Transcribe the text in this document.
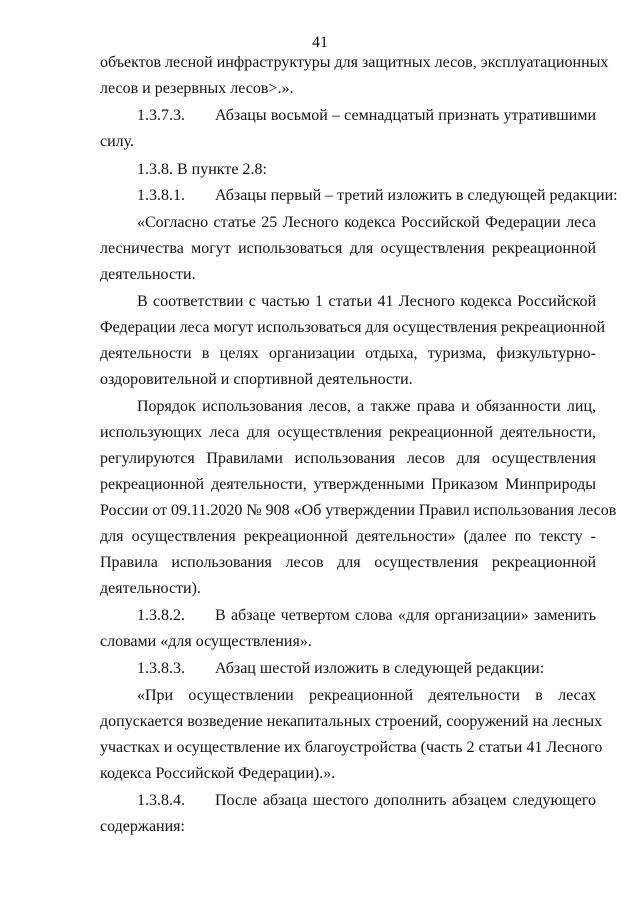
41
объектов лесной инфраструктуры для защитных лесов, эксплуатационных
лесов и резервных лесов>.».
1.3.7.3. Абзацы восьмой – семнадцатый признать утратившими
силу.
1.3.8. В пункте 2.8:
1.3.8.1. Абзацы первый – третий изложить в следующей редакции:
«Согласно статье 25 Лесного кодекса Российской Федерации леса
лесничества могут использоваться для осуществления рекреационной
деятельности.
В соответствии с частью 1 статьи 41 Лесного кодекса Российской
Федерации леса могут использоваться для осуществления рекреационной
деятельности в целях организации отдыха, туризма, физкультурно-
оздоровительной и спортивной деятельности.
Порядок использования лесов, а также права и обязанности лиц,
использующих леса для осуществления рекреационной деятельности,
регулируются Правилами использования лесов для осуществления
рекреационной деятельности, утвержденными Приказом Минприроды
России от 09.11.2020 № 908 «Об утверждении Правил использования лесов
для осуществления рекреационной деятельности» (далее по тексту -
Правила использования лесов для осуществления рекреационной
деятельности).
1.3.8.2. В абзаце четвертом слова «для организации» заменить
словами «для осуществления».
1.3.8.3. Абзац шестой изложить в следующей редакции:
«При осуществлении рекреационной деятельности в лесах
допускается возведение некапитальных строений, сооружений на лесных
участках и осуществление их благоустройства (часть 2 статьи 41 Лесного
кодекса Российской Федерации).».
1.3.8.4. После абзаца шестого дополнить абзацем следующего
содержания:
